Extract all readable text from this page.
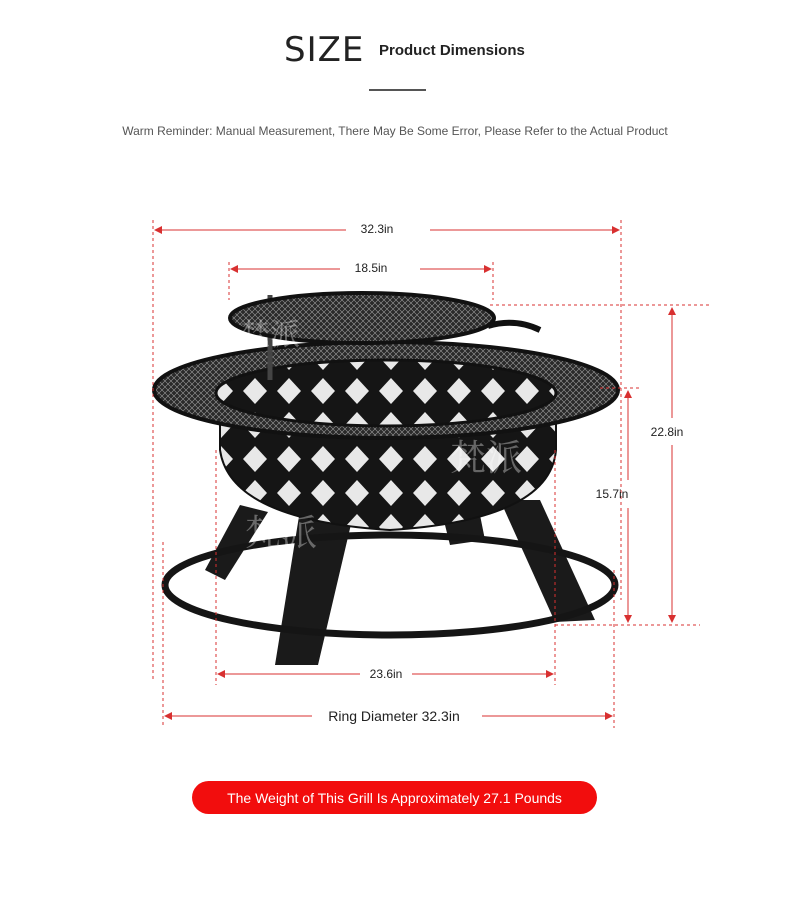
SIZE Product Dimensions
Warm Reminder: Manual Measurement, There May Be Some Error, Please Refer to the Actual Product
梵派
梵派
梵派
32.3in
18.5in
22.8in
15.7in
23.6in
Ring Diameter 32.3in
The Weight of This Grill Is Approximately 27.1 Pounds
